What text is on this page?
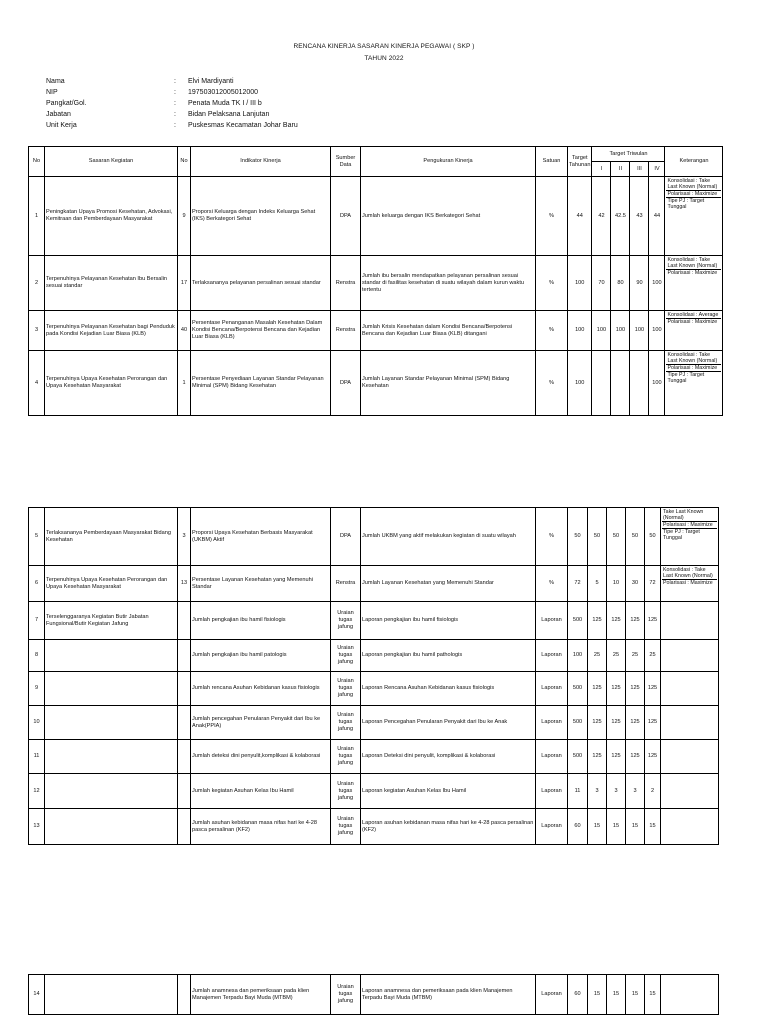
RENCANA KINERJA SASARAN KINERJA PEGAWAI ( SKP )
TAHUN 2022
Nama	:	Elvi Mardiyanti
NIP	:	197503012005012000
Pangkat/Gol.	:	Penata Muda TK I / III b
Jabatan	:	Bidan Pelaksana Lanjutan
Unit Kerja	:	Puskesmas Kecamatan Johar Baru
No	Sasaran Kegiatan	No	Indikator Kinerja	Sumber Data	Pengukuran Kinerja	Satuan	Target Tahunan	Target Triwulan				Keterangan
								I	II	III	IV	
1	Peningkatan Upaya Promosi Kesehatan, Advokasi, Kemitraan dan Pemberdayaan Masyarakat	9	Proporsi Keluarga dengan Indeks Keluarga Sehat (IKS) Berkategori Sehat	DPA	Jumlah keluarga dengan IKS Berkategori Sehat	%	44	42	42.5	43	44	Konsolidasi : Take Last Known (Normal)
Polarisasi : Maximize
Tipe PJ : Target Tunggal

2	Terpenuhinya Pelayanan Kesehatan Ibu Bersalin sesuai standar	17	Terlaksananya pelayanan persalinan sesuai standar	Renstra	Jumlah ibu bersalin mendapatkan pelayanan persalinan sesuai standar di fasilitas kesehatan di suatu wilayah dalam kurun waktu tertentu	%	100	70	80	90	100	Konsolidasi : Take Last Known (Normal)
Polarisasi : Maximize

3	Terpenuhinya Pelayanan Kesehatan bagi Penduduk pada Kondisi Kejadian Luar Biasa (KLB)	40	Persentase Penanganan Masalah Kesehatan Dalam Kondisi Bencana/Berpotensi Bencana dan Kejadian Luar Biasa (KLB)	Renstra	Jumlah Krisis Kesehatan dalam Kondisi Bencana/Berpotensi Bencana dan Kejadian Luar Biasa (KLB) ditangani	%	100	100	100	100	100	Konsolidasi : Average
Polarisasi : Maximize

4	Terpenuhinya Upaya Kesehatan Perorangan dan Upaya Kesehatan Masyarakat	1	Persentase Penyediaan Layanan Standar Pelayanan Minimal (SPM) Bidang Kesehatan	DPA	Jumlah Layanan Standar Pelayanan Minimal (SPM) Bidang Kesehatan	%	100				100	Konsolidasi : Take Last Known (Normal)
Polarisasi : Maximize
Tipe PJ : Target Tunggal
5	Terlaksananya Pemberdayaan Masyarakat Bidang Kesehatan	3	Proporsi Upaya Kesehatan Berbasis Masyarakat (UKBM) Aktif	DPA	Jumlah UKBM yang aktif melakukan kegiatan di suatu wilayah	%	50	50	50	50	50	Take Last Known (Normal)
Polarisasi : Maximize
Tipe PJ : Target Tunggal

6	Terpenuhinya Upaya Kesehatan Perorangan dan Upaya Kesehatan Masyarakat	13	Persentase Layanan Kesehatan yang Memenuhi Standar	Renstra	Jumlah Layanan Kesehatan yang Memenuhi Standar	%	72	5	10	30	72	Konsolidasi : Take Last Known (Normal)
Polarisasi : Maximize

7	Terselenggaranya Kegiatan Butir Jabatan Fungsional/Butir Kegiatan Jafung		Jumlah pengkajian ibu hamil fisiologis	Uraian tugas jafung	Laporan pengkajian ibu hamil fisiologis	Laporan	500	125	125	125	125	
8			Jumlah pengkajian ibu hamil patologis	Uraian tugas jafung	Laporan pengkajian ibu hamil pathologis	Laporan	100	25	25	25	25	
9			Jumlah rencana Asuhan Kebidanan kasus fisiologis	Uraian tugas jafung	Laporan Rencana Asuhan Kebidanan kasus fisiologis	Laporan	500	125	125	125	125	
10			Jumlah pencegahan Penularan Penyakit dari Ibu ke Anak(PPIA)	Uraian tugas jafung	Laporan Pencegahan Penularan Penyakit dari Ibu ke Anak	Laporan	500	125	125	125	125	
11			Jumlah deteksi dini penyulit,komplikasi & kolaborasi	Uraian tugas jafung	Laporan Deteksi dini penyulit, komplikasi & kolaborasi	Laporan	500	125	125	125	125	
12			Jumlah kegiatan Asuhan Kelas Ibu Hamil	Uraian tugas jafung	Laporan kegiatan Asuhan Kelas Ibu Hamil	Laporan	11	3	3	3	2	
13			Jumlah asuhan kebidanan masa nifas hari ke 4-28 pasca persalinan (KF2)	Uraian tugas jafung	Laporan asuhan kebidanan masa nifas hari ke 4-28 pasca persalinan (KF2)	Laporan	60	15	15	15	15	
14			Jumlah anamnesa dan pemeriksaan pada klien Manajemen Terpadu Bayi Muda (MTBM)	Uraian tugas jafung	Laporan anamnesa dan pemeriksaan pada klien Manajemen Terpadu Bayi Muda (MTBM)	Laporan	60	15	15	15	15	
